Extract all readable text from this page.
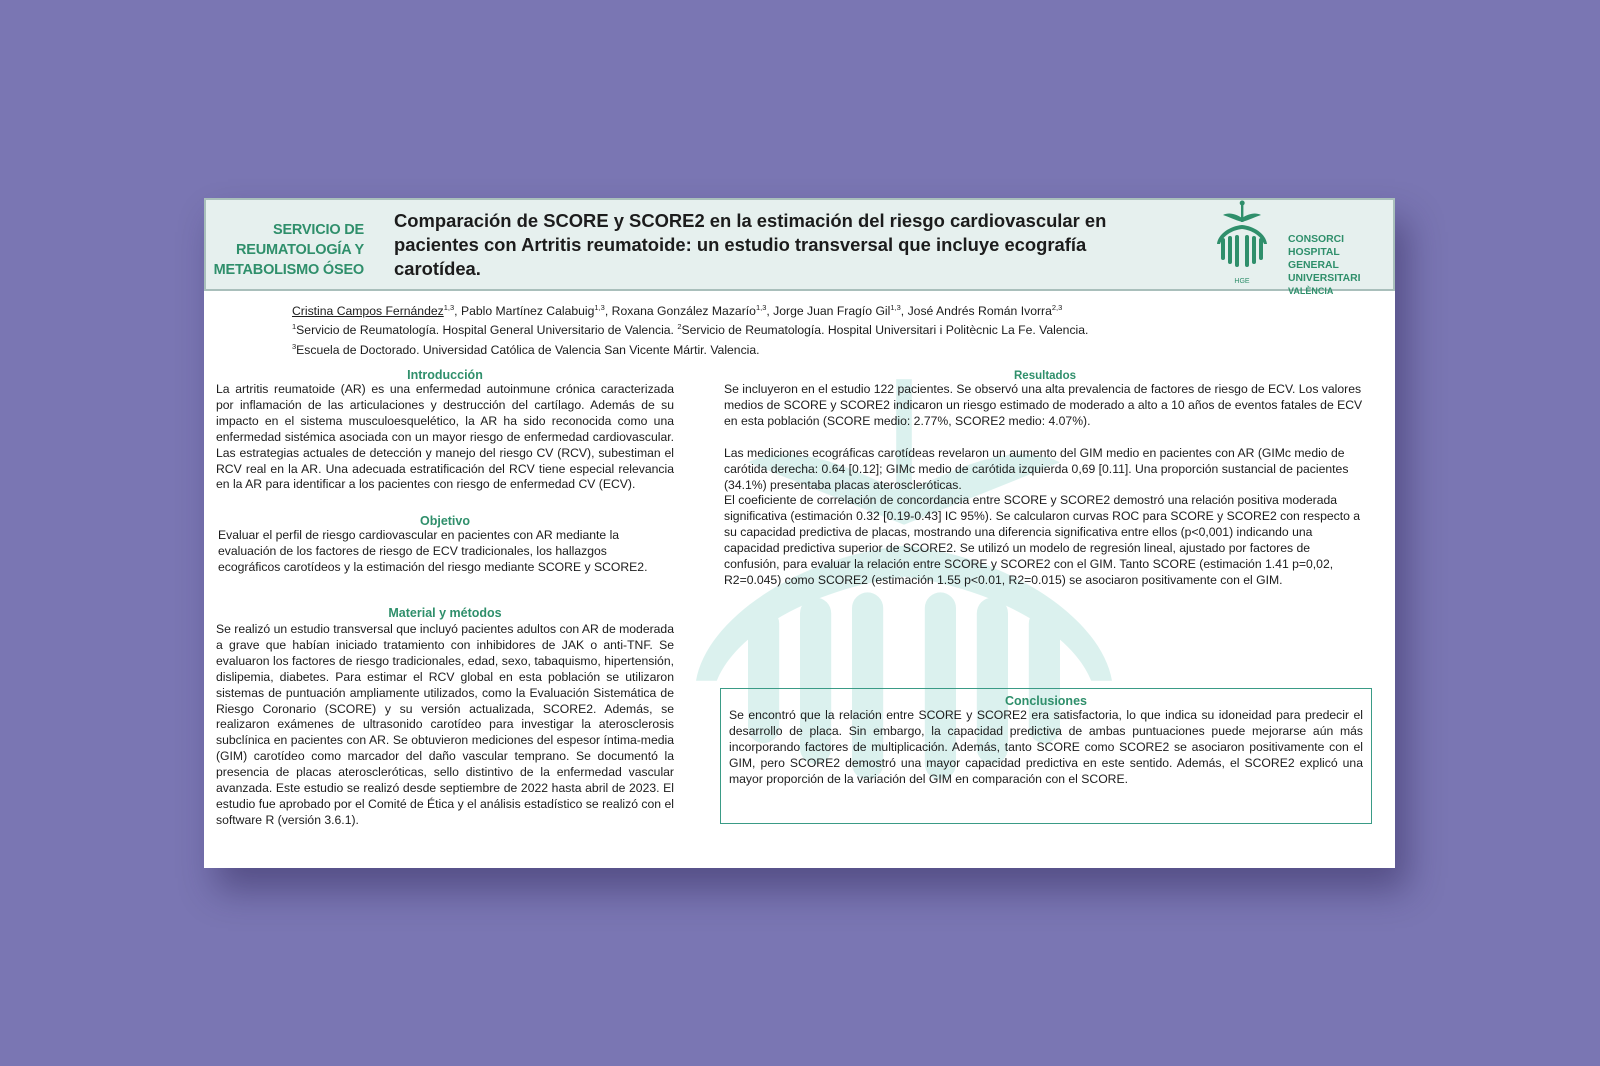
SERVICIO DE
REUMATOLOGÍA Y
METABOLISMO ÓSEO
Comparación de SCORE y SCORE2 en la estimación del riesgo cardiovascular en pacientes con Artritis reumatoide: un estudio transversal que incluye ecografía carotídea.
HGE
CONSORCI
HOSPITAL GENERAL
UNIVERSITARI
VALÈNCIA
Cristina Campos Fernández$^{1,3}$, Pablo Martínez Calabuig$^{1,3}$, Roxana González Mazarío$^{1,3}$, Jorge Juan Fragío Gil$^{1,3}$, José Andrés Román Ivorra$^{2,3}$
$^1$Servicio de Reumatología. Hospital General Universitario de Valencia. $^2$Servicio de Reumatología. Hospital Universitari i Politècnic La Fe. Valencia.
$^3$Escuela de Doctorado. Universidad Católica de Valencia San Vicente Mártir. Valencia.
Introducción
La artritis reumatoide (AR) es una enfermedad autoinmune crónica caracterizada por inflamación de las articulaciones y destrucción del cartílago. Además de su impacto en el sistema musculoesquelético, la AR ha sido reconocida como una enfermedad sistémica asociada con un mayor riesgo de enfermedad cardiovascular. Las estrategias actuales de detección y manejo del riesgo CV (RCV), subestiman el RCV real en la AR. Una adecuada estratificación del RCV tiene especial relevancia en la AR para identificar a los pacientes con riesgo de enfermedad CV (ECV).
Objetivo
Evaluar el perfil de riesgo cardiovascular en pacientes con AR mediante la evaluación de los factores de riesgo de ECV tradicionales, los hallazgos ecográficos carotídeos y la estimación del riesgo mediante SCORE y SCORE2.
Material y métodos
Se realizó un estudio transversal que incluyó pacientes adultos con AR de moderada a grave que habían iniciado tratamiento con inhibidores de JAK o anti-TNF. Se evaluaron los factores de riesgo tradicionales, edad, sexo, tabaquismo, hipertensión, dislipemia, diabetes. Para estimar el RCV global en esta población se utilizaron sistemas de puntuación ampliamente utilizados, como la Evaluación Sistemática de Riesgo Coronario (SCORE) y su versión actualizada, SCORE2. Además, se realizaron exámenes de ultrasonido carotídeo para investigar la aterosclerosis subclínica en pacientes con AR. Se obtuvieron mediciones del espesor íntima-media (GIM) carotídeo como marcador del daño vascular temprano. Se documentó la presencia de placas ateroscleróticas, sello distintivo de la enfermedad vascular avanzada. Este estudio se realizó desde septiembre de 2022 hasta abril de 2023. El estudio fue aprobado por el Comité de Ética y el análisis estadístico se realizó con el software R (versión 3.6.1).
Resultados
Se incluyeron en el estudio 122 pacientes. Se observó una alta prevalencia de factores de riesgo de ECV. Los valores medios de SCORE y SCORE2 indicaron un riesgo estimado de moderado a alto a 10 años de eventos fatales de ECV en esta población (SCORE medio: 2.77%, SCORE2 medio: 4.07%).
Las mediciones ecográficas carotídeas revelaron un aumento del GIM medio en pacientes con AR (GIMc medio de carótida derecha: 0.64 [0.12]; GIMc medio de carótida izquierda 0,69 [0.11]. Una proporción sustancial de pacientes (34.1%) presentaba placas ateroscleróticas.
El coeficiente de correlación de concordancia entre SCORE y SCORE2 demostró una relación positiva moderada significativa (estimación 0.32 [0.19-0.43] IC 95%). Se calcularon curvas ROC para SCORE y SCORE2 con respecto a su capacidad predictiva de placas, mostrando una diferencia significativa entre ellos (p<0,001) indicando una capacidad predictiva superior de SCORE2. Se utilizó un modelo de regresión lineal, ajustado por factores de confusión, para evaluar la relación entre SCORE y SCORE2 con el GIM. Tanto SCORE (estimación 1.41 p=0,02, R2=0.045) como SCORE2 (estimación 1.55 p<0.01, R2=0.015) se asociaron positivamente con el GIM.
Conclusiones
Se encontró que la relación entre SCORE y SCORE2 era satisfactoria, lo que indica su idoneidad para predecir el desarrollo de placa. Sin embargo, la capacidad predictiva de ambas puntuaciones puede mejorarse aún más incorporando factores de multiplicación. Además, tanto SCORE como SCORE2 se asociaron positivamente con el GIM, pero SCORE2 demostró una mayor capacidad predictiva en este sentido. Además, el SCORE2 explicó una mayor proporción de la variación del GIM en comparación con el SCORE.
